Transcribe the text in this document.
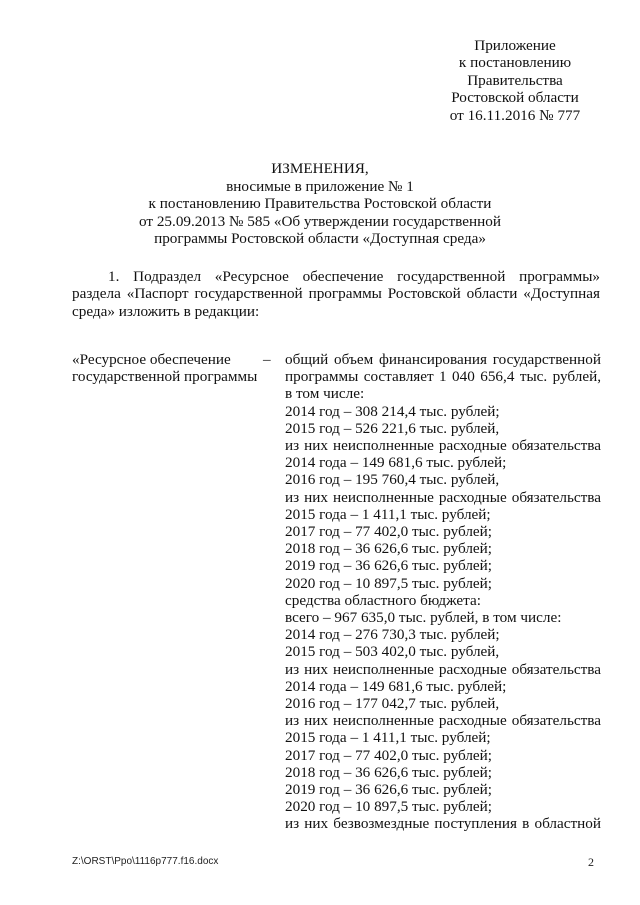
Приложение
к постановлению
Правительства
Ростовской области
от 16.11.2016 № 777
ИЗМЕНЕНИЯ,
вносимые в приложение № 1
к постановлению Правительства Ростовской области
от 25.09.2013 № 585 «Об утверждении государственной
программы Ростовской области «Доступная среда»
1. Подраздел «Ресурсное обеспечение государственной программы»
раздела «Паспорт государственной программы Ростовской области «Доступная
среда» изложить в редакции:
«Ресурсное обеспечение
государственной программы
– общий объем финансирования государственной
программы составляет 1 040 656,4 тыс. рублей,
в том числе:
2014 год – 308 214,4 тыс. рублей;
2015 год – 526 221,6 тыс. рублей,
из них неисполненные расходные обязательства
2014 года – 149 681,6 тыс. рублей;
2016 год – 195 760,4 тыс. рублей,
из них неисполненные расходные обязательства
2015 года – 1 411,1 тыс. рублей;
2017 год – 77 402,0 тыс. рублей;
2018 год – 36 626,6 тыс. рублей;
2019 год – 36 626,6 тыс. рублей;
2020 год – 10 897,5 тыс. рублей;
средства областного бюджета:
всего – 967 635,0 тыс. рублей, в том числе:
2014 год – 276 730,3 тыс. рублей;
2015 год – 503 402,0 тыс. рублей,
из них неисполненные расходные обязательства
2014 года – 149 681,6 тыс. рублей;
2016 год – 177 042,7 тыс. рублей,
из них неисполненные расходные обязательства
2015 года – 1 411,1 тыс. рублей;
2017 год – 77 402,0 тыс. рублей;
2018 год – 36 626,6 тыс. рублей;
2019 год – 36 626,6 тыс. рублей;
2020 год – 10 897,5 тыс. рублей;
из них безвозмездные поступления в областной
Z:\ORST\Ppo\1116p777.f16.docx	2
